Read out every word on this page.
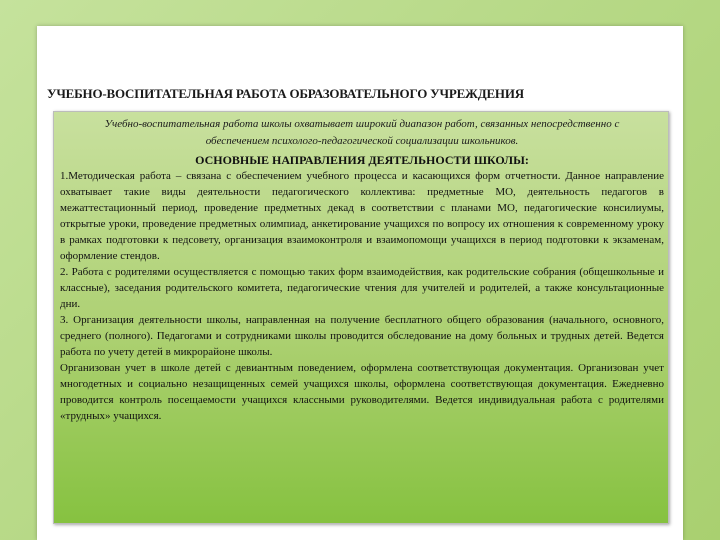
УЧЕБНО-ВОСПИТАТЕЛЬНАЯ РАБОТА ОБРАЗОВАТЕЛЬНОГО УЧРЕЖДЕНИЯ

Учебно-воспитательная работа школы охватывает широкий диапазон работ, связанных непосредственно с обеспечением психолого-педагогической социализации школьников.

ОСНОВНЫЕ НАПРАВЛЕНИЯ ДЕЯТЕЛЬНОСТИ ШКОЛЫ:

1.Методическая работа – связана с обеспечением учебного процесса и касающихся форм отчетности. Данное направление охватывает такие виды деятельности педагогического коллектива: предметные МО, деятельность педагогов в межаттестационный период, проведение предметных декад в соответствии с планами МО, педагогические консилиумы, открытые уроки, проведение предметных олимпиад, анкетирование учащихся по вопросу их отношения к современному уроку в рамках подготовки к педсовету, организация взаимоконтроля и взаимопомощи учащихся в период подготовки к экзаменам, оформление стендов.

2. Работа с родителями осуществляется с помощью таких форм взаимодействия, как родительские собрания (общешкольные и классные), заседания родительского комитета, педагогические чтения для учителей и родителей, а также консультационные дни.

3. Организация деятельности школы, направленная на получение бесплатного общего образования (начального, основного, среднего (полного). Педагогами и сотрудниками школы проводится обследование на дому больных и трудных детей. Ведется работа по учету детей в микрорайоне школы.

Организован учет в школе детей с девиантным поведением, оформлена соответствующая документация. Организован учет многодетных и социально незащищенных семей учащихся школы, оформлена соответствующая документация. Ежедневно проводится контроль посещаемости учащихся классными руководителями. Ведется индивидуальная работа с родителями «трудных» учащихся.
